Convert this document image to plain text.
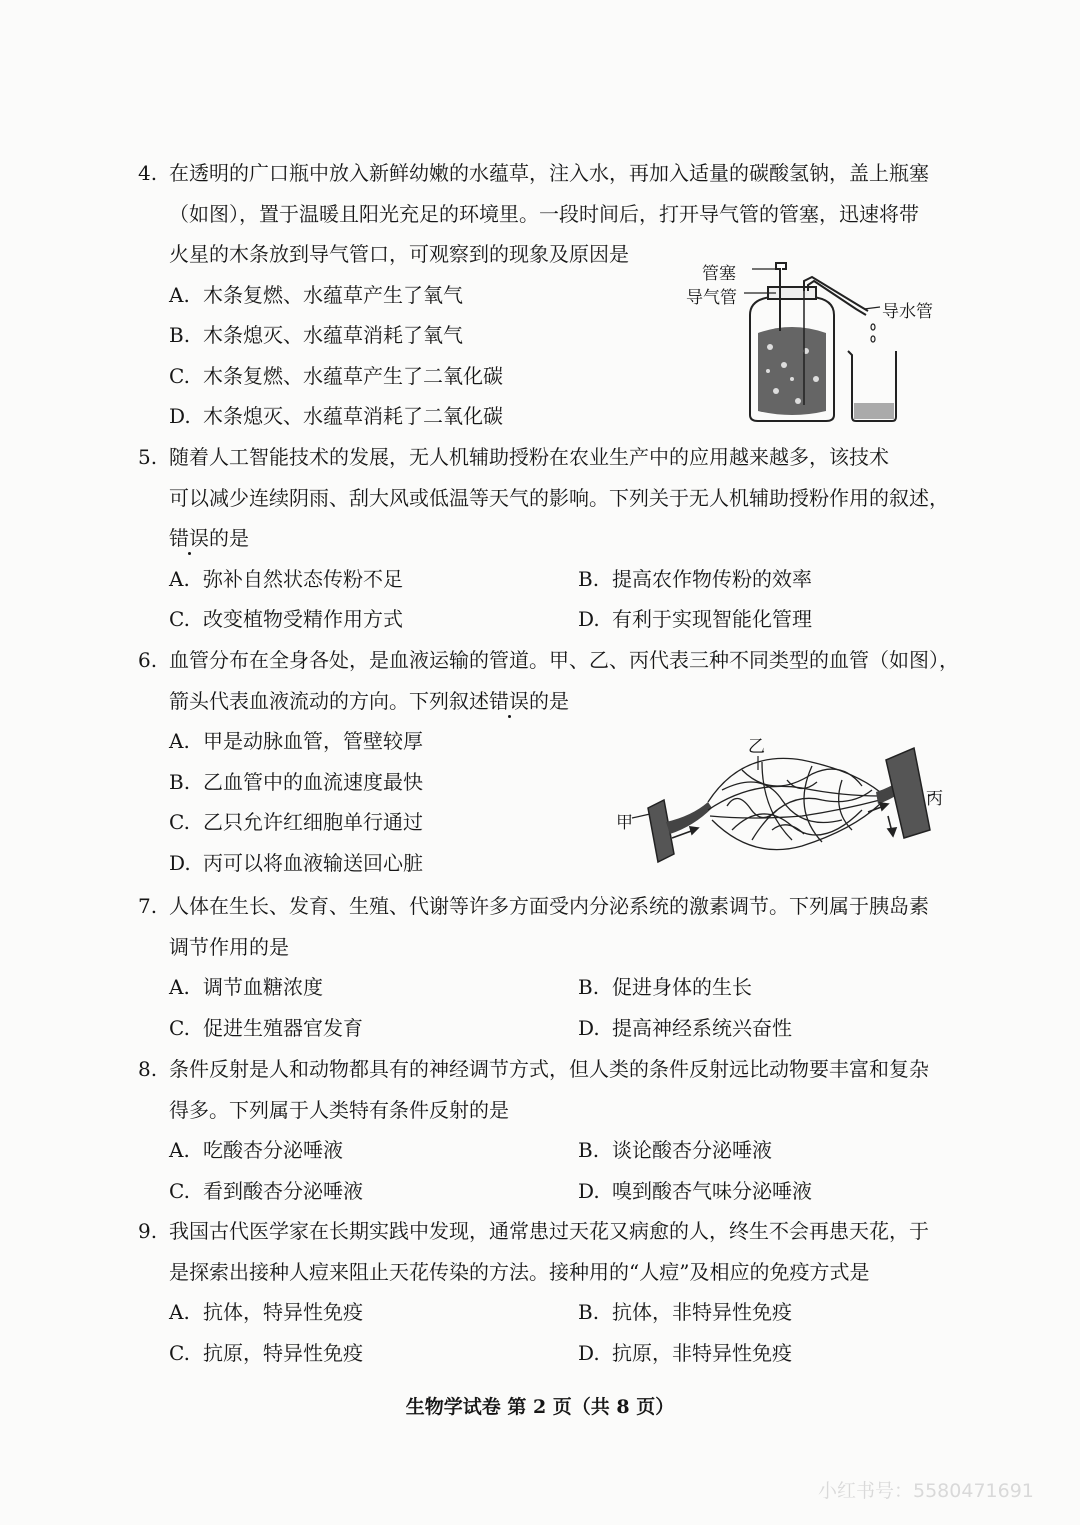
4. 在透明的广口瓶中放入新鲜幼嫩的水蕴草，注入水，再加入适量的碳酸氢钠，盖上瓶塞
（如图），置于温暖且阳光充足的环境里。一段时间后，打开导气管的管塞，迅速将带
火星的木条放到导气管口，可观察到的现象及原因是
A. 木条复燃、水蕴草产生了氧气
B. 木条熄灭、水蕴草消耗了氧气
C. 木条复燃、水蕴草产生了二氧化碳
D. 木条熄灭、水蕴草消耗了二氧化碳
管塞
导气管
导水管
5. 随着人工智能技术的发展，无人机辅助授粉在农业生产中的应用越来越多，该技术
可以减少连续阴雨、刮大风或低温等天气的影响。下列关于无人机辅助授粉作用的叙述，
错误的是
A. 弥补自然状态传粉不足	B. 提高农作物传粉的效率
C. 改变植物受精作用方式	D. 有利于实现智能化管理
6. 血管分布在全身各处，是血液运输的管道。甲、乙、丙代表三种不同类型的血管（如图），
箭头代表血液流动的方向。下列叙述错误的是
A. 甲是动脉血管，管壁较厚
B. 乙血管中的血流速度最快
C. 乙只允许红细胞单行通过
D. 丙可以将血液输送回心脏
甲
乙
丙
7. 人体在生长、发育、生殖、代谢等许多方面受内分泌系统的激素调节。下列属于胰岛素
调节作用的是
A. 调节血糖浓度	B. 促进身体的生长
C. 促进生殖器官发育	D. 提高神经系统兴奋性
8. 条件反射是人和动物都具有的神经调节方式，但人类的条件反射远比动物要丰富和复杂
得多。下列属于人类特有条件反射的是
A. 吃酸杏分泌唾液	B. 谈论酸杏分泌唾液
C. 看到酸杏分泌唾液	D. 嗅到酸杏气味分泌唾液
9. 我国古代医学家在长期实践中发现，通常患过天花又病愈的人，终生不会再患天花，于
是探索出接种人痘来阻止天花传染的方法。接种用的“人痘”及相应的免疫方式是
A. 抗体，特异性免疫	B. 抗体，非特异性免疫
C. 抗原，特异性免疫	D. 抗原，非特异性免疫
生物学试卷 第 2 页（共 8 页）
小红书号：5580471691
